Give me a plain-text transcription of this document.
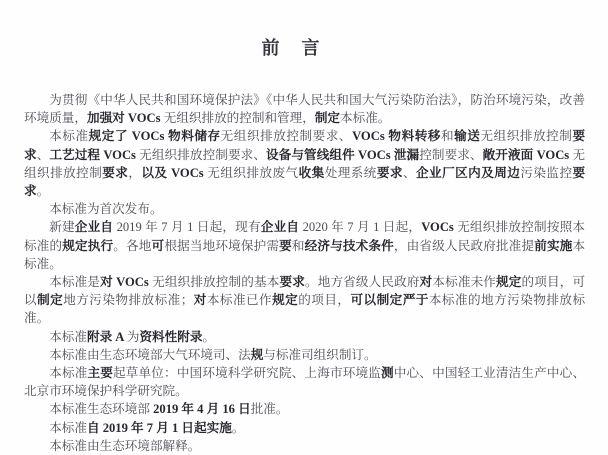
前　言

为贯彻《中华人民共和国环境保护法》《中华人民共和国大气污染防治法》，防治环境污染，改善环境质量，加强对 VOCs 无组织排放的控制和管理，制定本标准。

本标准规定了 VOCs 物料储存无组织排放控制要求、VOCs 物料转移和输送无组织排放控制要求、工艺过程 VOCs 无组织排放控制要求、设备与管线组件 VOCs 泄漏控制要求、敞开液面 VOCs 无组织排放控制要求，以及 VOCs 无组织排放废气收集处理系统要求、企业厂区内及周边污染监控要求。

本标准为首次发布。

新建企业自 2019 年 7 月 1 日起，现有企业自 2020 年 7 月 1 日起，VOCs 无组织排放控制按照本标准的规定执行。各地可根据当地环境保护需要和经济与技术条件，由省级人民政府批准提前实施本标准。

本标准是对 VOCs 无组织排放控制的基本要求。地方省级人民政府对本标准未作规定的项目，可以制定地方污染物排放标准；对本标准已作规定的项目，可以制定严于本标准的地方污染物排放标准。

本标准附录 A 为资料性附录。

本标准由生态环境部大气环境司、法规与标准司组织制订。

本标准主要起草单位：中国环境科学研究院、上海市环境监测中心、中国轻工业清洁生产中心、北京市环境保护科学研究院。

本标准生态环境部 2019 年 4 月 16 日批准。

本标准自 2019 年 7 月 1 日起实施。

本标准由生态环境部解释。
